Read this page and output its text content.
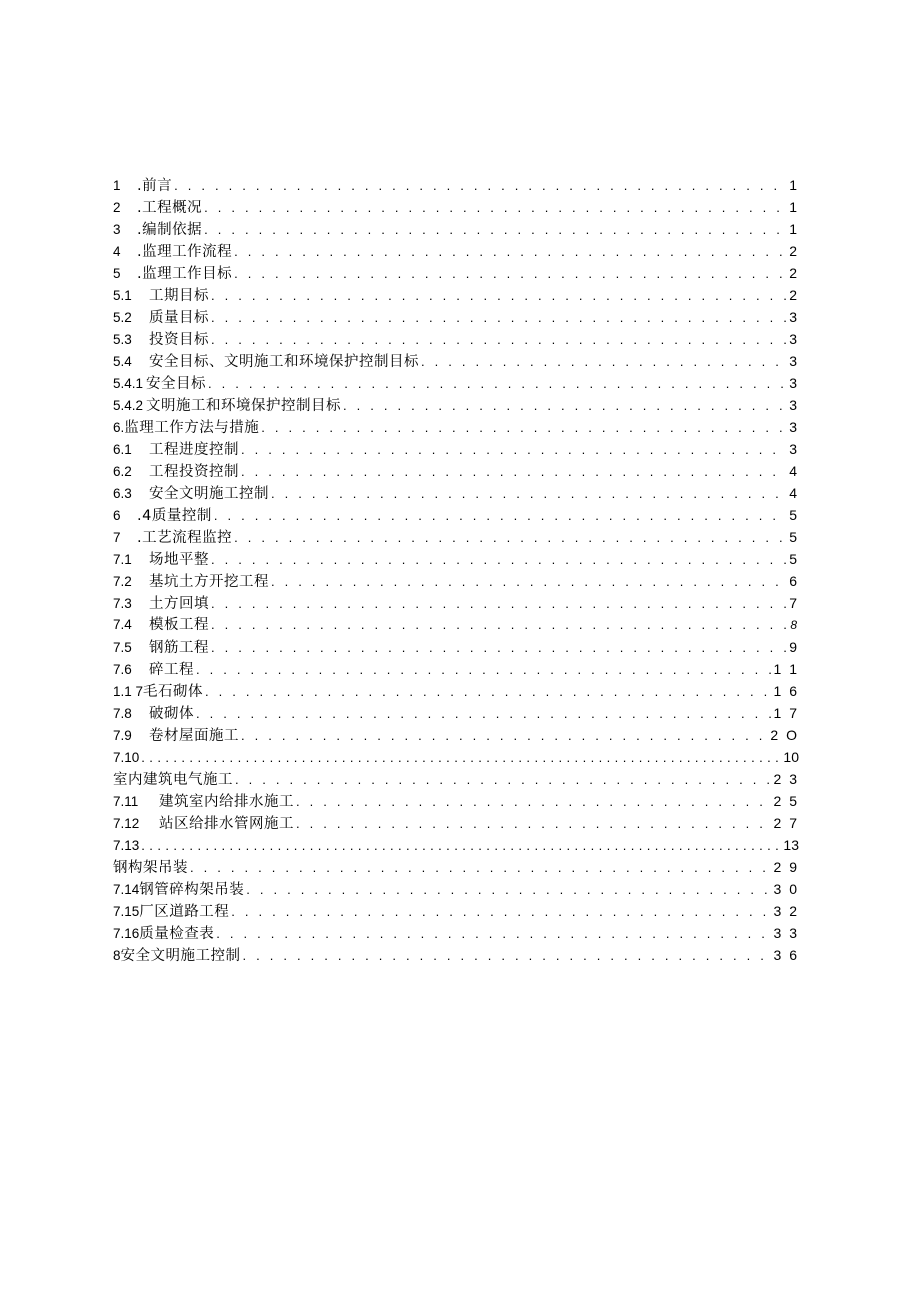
1	.前言 . . .	1
2	.工程概况 . . .	1
3	.编制依据 . . .	1
4	.监理工作流程 . . .	2
5	.监理工作目标 . . .	2
5.1	工期目标 . . .	2
5.2	质量目标 . . .	3
5.3	投资目标 . . .	3
5.4	安全目标、文明施工和环境保护控制目标 . . .	3
5.4.1 安全目标 . . .	3
5.4.2 文明施工和环境保护控制目标 . . .	3
6. 监理工作方法与措施 . . .	3
6.1	工程进度控制 . . .	3
6.2	工程投资控制 . . .	4
6.3	安全文明施工控制 . . .	4
6	.4质量控制 . . .	5
7	.工艺流程监控 . . .	5
7.1	场地平整 . . .	5
7.2	基坑土方开挖工程 . . .	6
7.3	土方回填 . . .	7
7.4	模板工程 . . .	8
7.5	钢筋工程 . . .	9
7.6	碎工程 . . .	1 1
1.1 7 毛石砌体 . . .	1 6
7.8	破砌体 . . .	1 7
7.9	卷材屋面施工 . . .	2 O
7.10 . . .	10
室内建筑电气施工 . . .	2 3
7.11	建筑室内给排水施工 . . .	2 5
7.12	站区给排水管网施工 . . .	2 7
7.13 . . .	13
钢构架吊装 . . .	2 9
7.14 钢管碎构架吊装 . . .	3 0
7.15 厂区道路工程 . . .	3 2
7.16 质量检查表 . . .	3 3
8 安全文明施工控制 . . .	3 6
